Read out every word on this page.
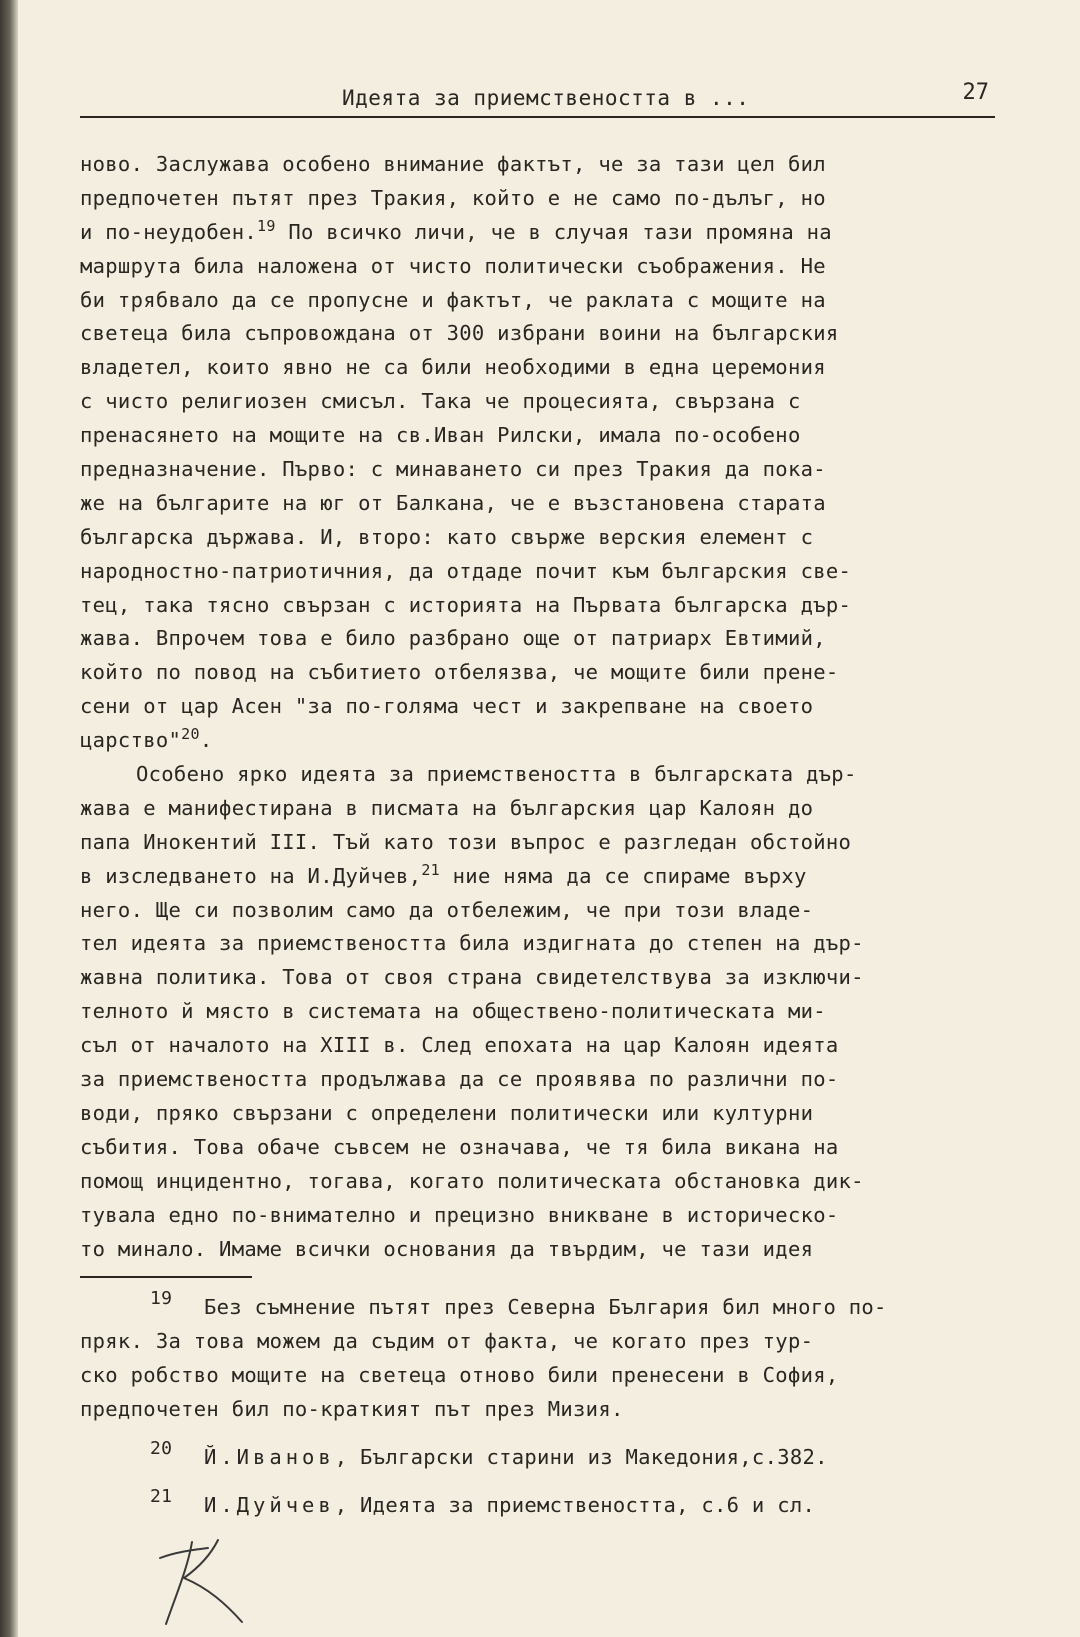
Идеята за приемствеността в ...	27
ново. Заслужава особено внимание фактът, че за тази цел бил
предпочетен пътят през Тракия, който е не само по-дълъг, но
и по-неудобен.$^{19}$ По всичко личи, че в случая тази промяна на
маршрута била наложена от чисто политически съображения. Не
би трябвало да се пропусне и фактът, че раклата с мощите на
светеца била съпровождана от 300 избрани воини на българския
владетел, които явно не са били необходими в една церемония
с чисто религиозен смисъл. Така че процесията, свързана с
пренасянето на мощите на св.Иван Рилски, имала по-особено
предназначение. Първо: с минаването си през Тракия да пока-
же на българите на юг от Балкана, че е възстановена старата
българска държава. И, второ: като свърже верския елемент с
народностно-патриотичния, да отдаде почит към българския све-
тец, така тясно свързан с историята на Първата българска дър-
жава. Впрочем това е било разбрано още от патриарх Евтимий,
който по повод на събитието отбелязва, че мощите били прене-
сени от цар Асен "за по-голяма чест и закрепване на своето
царство"$^{20}$.
Особено ярко идеята за приемствеността в българската дър-
жава е манифестирана в писмата на българския цар Калоян до
папа Инокентий III. Тъй като този въпрос е разгледан обстойно
в изследването на И.Дуйчев,$^{21}$ ние няма да се спираме върху
него. Ще си позволим само да отбележим, че при този владе-
тел идеята за приемствеността била издигната до степен на дър-
жавна политика. Това от своя страна свидетелствува за изключи-
телното й място в системата на обществено-политическата ми-
съл от началото на XIII в. След епохата на цар Калоян идеята
за приемствеността продължава да се проявява по различни по-
води, пряко свързани с определени политически или културни
събития. Това обаче съвсем не означава, че тя била викана на
помощ инцидентно, тогава, когато политическата обстановка дик-
тувала едно по-внимателно и прецизно вникване в историческо-
то минало. Имаме всички основания да твърдим, че тази идея
19 Без съмнение пътят през Северна България бил много по-
пряк. За това можем да съдим от факта, че когато през тур-
ско робство мощите на светеца отново били пренесени в София,
предпочетен бил по-краткият път през Мизия.
20 Й.Иванов, Български старини из Македония,с.382.
21 И.Дуйчев, Идеята за приемствеността, с.6 и сл.
